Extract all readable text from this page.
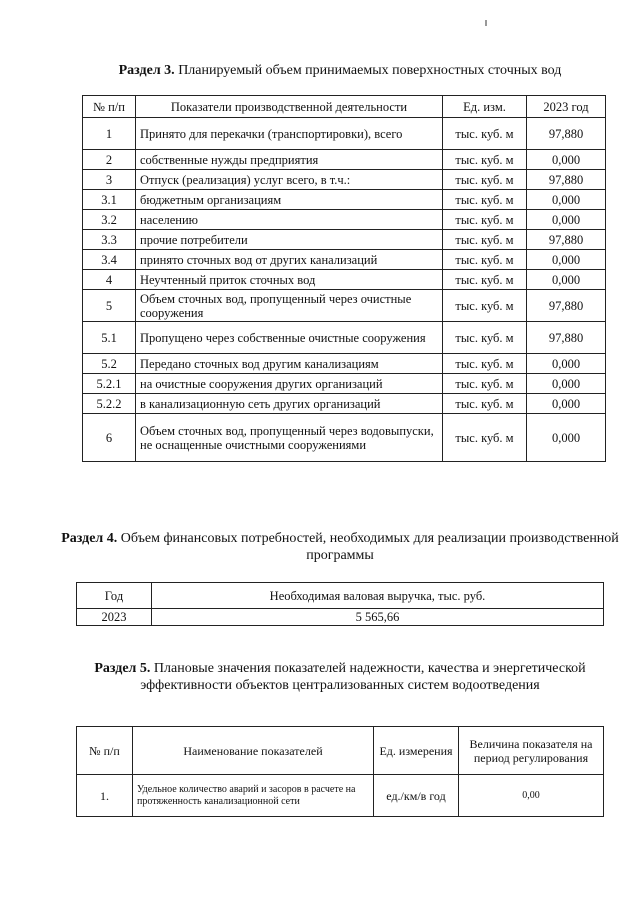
Раздел 3. Планируемый объем принимаемых поверхностных сточных вод
№ п/п	Показатели производственной деятельности	Ед. изм.	2023 год
1	Принято для перекачки (транспортировки), всего	тыс. куб. м	97,880
2	собственные нужды предприятия	тыс. куб. м	0,000
3	Отпуск (реализация) услуг всего, в т.ч.:	тыс. куб. м	97,880
3.1	бюджетным организациям	тыс. куб. м	0,000
3.2	населению	тыс. куб. м	0,000
3.3	прочие потребители	тыс. куб. м	97,880
3.4	принято сточных вод от других канализаций	тыс. куб. м	0,000
4	Неучтенный приток сточных вод	тыс. куб. м	0,000
5	Объем сточных вод, пропущенный через очистные сооружения	тыс. куб. м	97,880
5.1	Пропущено через собственные очистные сооружения	тыс. куб. м	97,880
5.2	Передано сточных вод другим канализациям	тыс. куб. м	0,000
5.2.1	на очистные сооружения других организаций	тыс. куб. м	0,000
5.2.2	в канализационную сеть других организаций	тыс. куб. м	0,000
6	Объем сточных вод, пропущенный через водовыпуски, не оснащенные очистными сооружениями	тыс. куб. м	0,000
Раздел 4. Объем финансовых потребностей, необходимых для реализации производственной программы
Год	Необходимая валовая выручка, тыс. руб.
2023	5 565,66
Раздел 5. Плановые значения показателей надежности, качества и энергетической эффективности объектов централизованных систем водоотведения
№ п/п	Наименование показателей	Ед. измерения	Величина показателя на период регулирования
1.	Удельное количество аварий и засоров в расчете на протяженность канализационной сети	ед./км/в год	0,00
